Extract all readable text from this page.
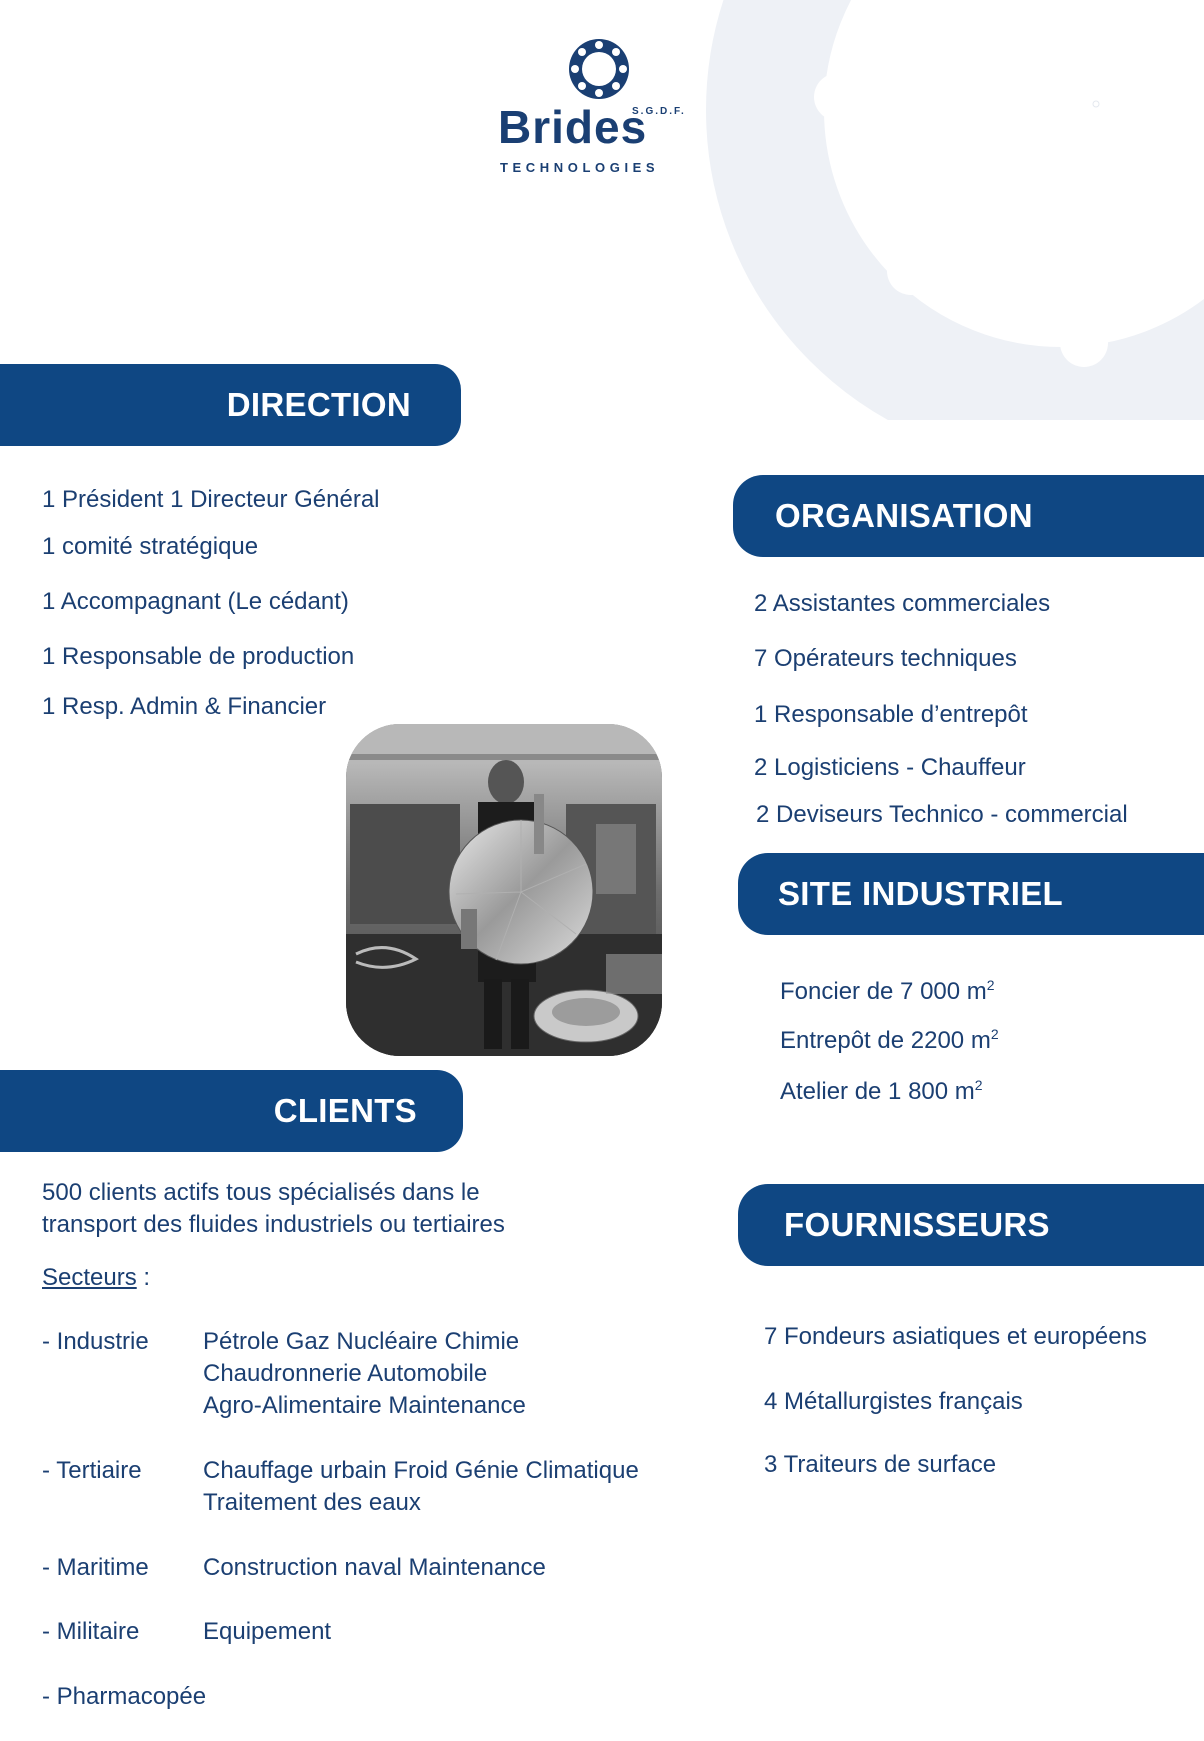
S.G.D.F.
Brides
TECHNOLOGIES
DIRECTION
1 Président 1 Directeur Général
1 comité stratégique
1 Accompagnant (Le cédant)
1 Responsable de production
1 Resp. Admin & Financier
CLIENTS
500 clients actifs tous spécialisés dans le
transport des fluides industriels ou tertiaires
Secteurs :
- Industrie Pétrole Gaz Nucléaire Chimie
Chaudronnerie Automobile
Agro-Alimentaire Maintenance
- Tertiaire	Chauffage urbain Froid Génie Climatique
Traitement des eaux
- Maritime Construction naval Maintenance
- Militaire	Equipement
- Pharmacopée
ORGANISATION
2 Assistantes commerciales
7 Opérateurs techniques
1 Responsable d’entrepôt
2 Logisticiens - Chauffeur
2 Deviseurs Technico - commercial
SITE INDUSTRIEL
Foncier de 7 000 $m^2$
Entrepôt de 2200 $m^2$
Atelier de 1 800 $m^2$
FOURNISSEURS
7 Fondeurs asiatiques et européens
4 Métallurgistes français
3 Traiteurs de surface
